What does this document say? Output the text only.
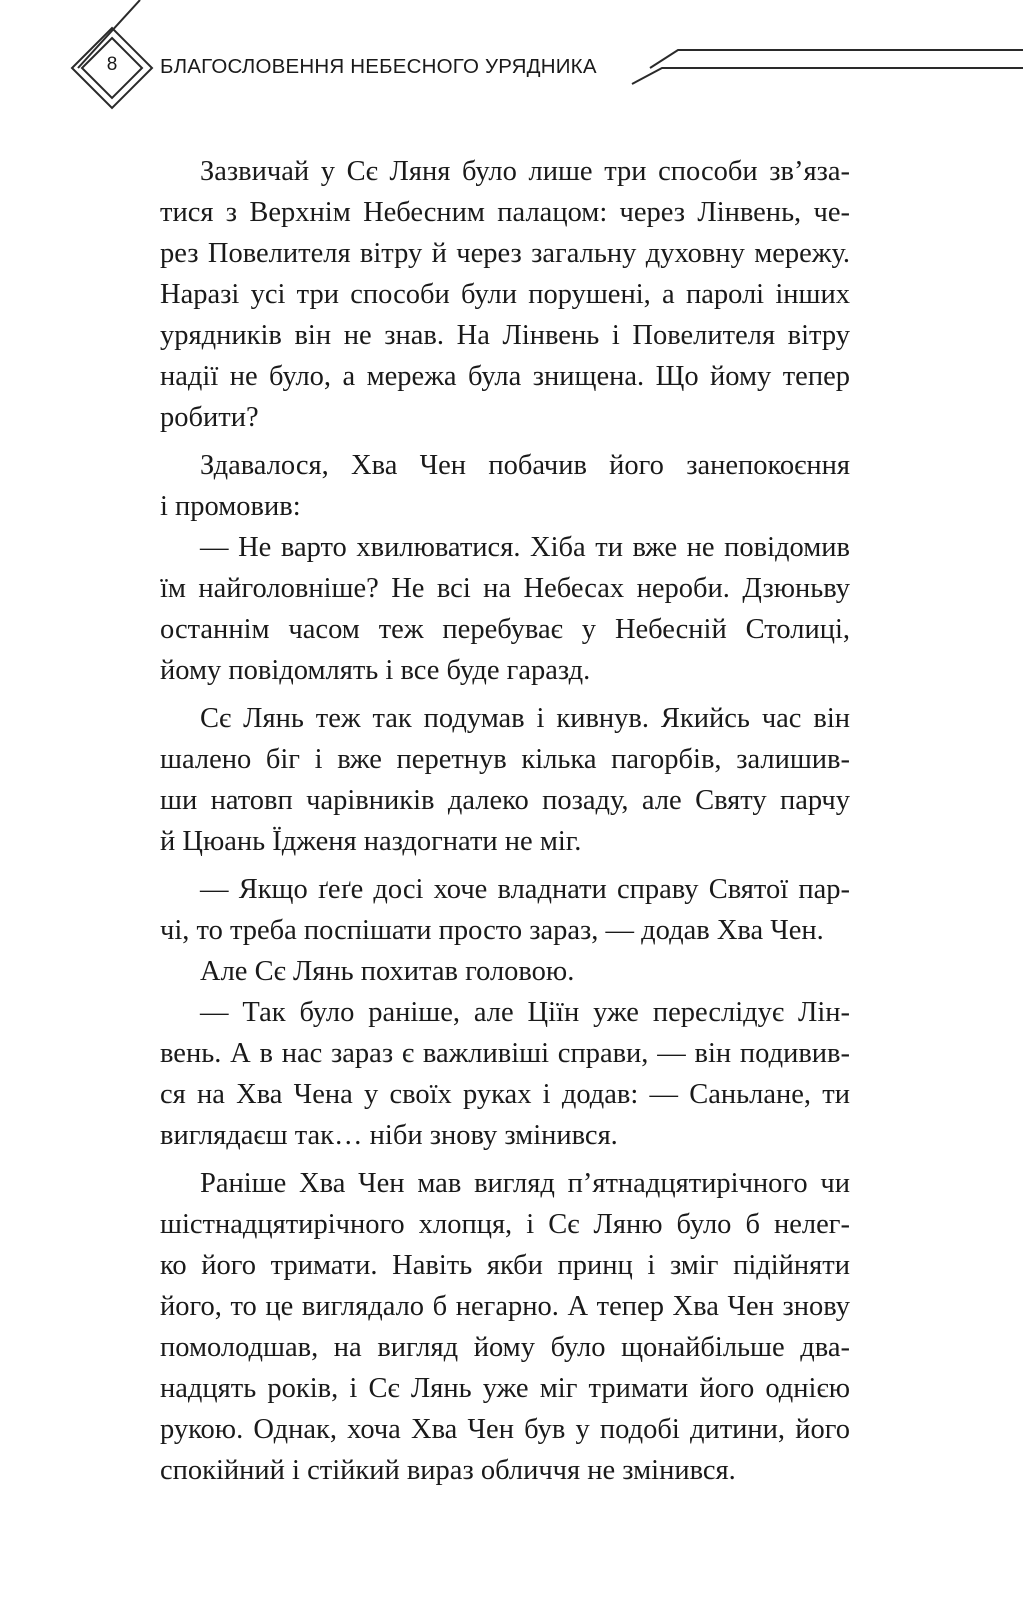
8	БЛАГОСЛОВЕННЯ НЕБЕСНОГО УРЯДНИКА
Зазвичай у Сє Ляня було лише три способи зв’яза-
тися з Верхнім Небесним палацом: через Лінвень, че-
рез Повелителя вітру й через загальну духовну мережу.
Наразі усі три способи були порушені, а паролі інших
урядників він не знав. На Лінвень і Повелителя вітру
надії не було, а мережа була знищена. Що йому тепер
робити?
Здавалося, Хва Чен побачив його занепокоєння
і промовив:
— Не варто хвилюватися. Хіба ти вже не повідомив
їм найголовніше? Не всі на Небесах нероби. Дзюньву
останнім часом теж перебуває у Небесній Столиці,
йому повідомлять і все буде гаразд.
Сє Лянь теж так подумав і кивнув. Якийсь час він
шалено біг і вже перетнув кілька пагорбів, залишив-
ши натовп чарівників далеко позаду, але Святу парчу
й Цюань Їдженя наздогнати не міг.
— Якщо ґеґе досі хоче владнати справу Святої пар-
чі, то треба поспішати просто зараз, — додав Хва Чен.
Але Сє Лянь похитав головою.
— Так було раніше, але Ціїн уже переслідує Лін-
вень. А в нас зараз є важливіші справи, — він подивив-
ся на Хва Чена у своїх руках і додав: — Саньлане, ти
виглядаєш так… ніби знову змінився.
Раніше Хва Чен мав вигляд п’ятнадцятирічного чи
шістнадцятирічного хлопця, і Сє Ляню було б нелег-
ко його тримати. Навіть якби принц і зміг підійняти
його, то це виглядало б негарно. А тепер Хва Чен знову
помолодшав, на вигляд йому було щонайбільше два-
надцять років, і Сє Лянь уже міг тримати його однією
рукою. Однак, хоча Хва Чен був у подобі дитини, його
спокійний і стійкий вираз обличчя не змінився.
